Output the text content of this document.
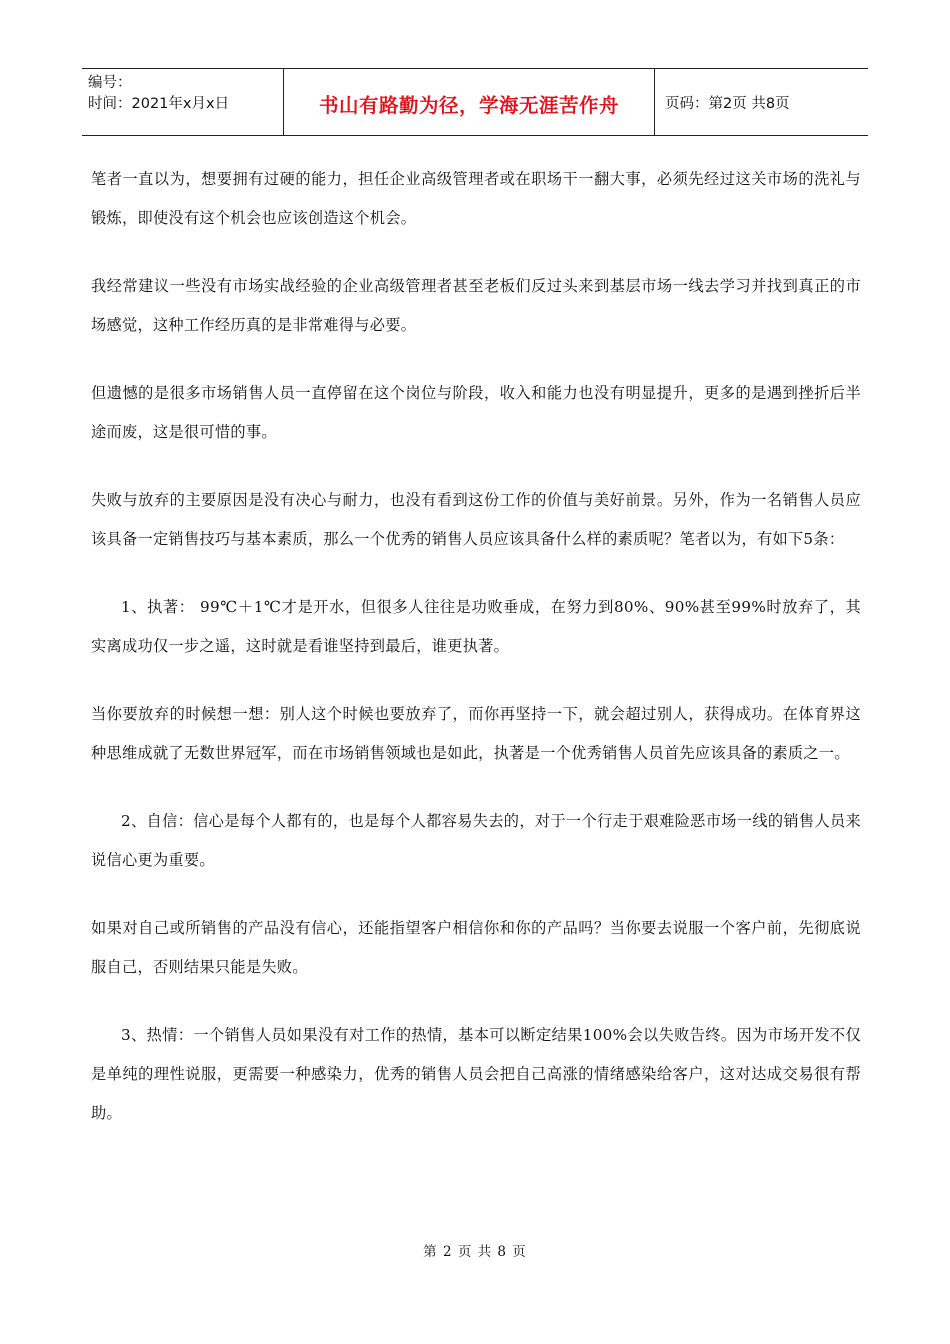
编号：
时间：2021年x月x日	书山有路勤为径，学海无涯苦作舟	页码：第2页 共8页

笔者一直以为，想要拥有过硬的能力，担任企业高级管理者或在职场干一翻大事，必须先经过这关市场的洗礼与锻炼，即使没有这个机会也应该创造这个机会。

我经常建议一些没有市场实战经验的企业高级管理者甚至老板们反过头来到基层市场一线去学习并找到真正的市场感觉，这种工作经历真的是非常难得与必要。

但遗憾的是很多市场销售人员一直停留在这个岗位与阶段，收入和能力也没有明显提升，更多的是遇到挫折后半途而废，这是很可惜的事。

失败与放弃的主要原因是没有决心与耐力，也没有看到这份工作的价值与美好前景。另外，作为一名销售人员应该具备一定销售技巧与基本素质，那么一个优秀的销售人员应该具备什么样的素质呢？笔者以为，有如下5条：

1、执著： 99℃＋1℃才是开水，但很多人往往是功败垂成，在努力到80%、90%甚至99%时放弃了，其实离成功仅一步之遥，这时就是看谁坚持到最后，谁更执著。

当你要放弃的时候想一想：别人这个时候也要放弃了，而你再坚持一下，就会超过别人，获得成功。在体育界这种思维成就了无数世界冠军，而在市场销售领域也是如此，执著是一个优秀销售人员首先应该具备的素质之一。

2、自信：信心是每个人都有的，也是每个人都容易失去的，对于一个行走于艰难险恶市场一线的销售人员来说信心更为重要。

如果对自己或所销售的产品没有信心，还能指望客户相信你和你的产品吗？当你要去说服一个客户前，先彻底说服自己，否则结果只能是失败。

3、热情：一个销售人员如果没有对工作的热情，基本可以断定结果100%会以失败告终。因为市场开发不仅是单纯的理性说服，更需要一种感染力，优秀的销售人员会把自己高涨的情绪感染给客户，这对达成交易很有帮助。

第 2 页 共 8 页
